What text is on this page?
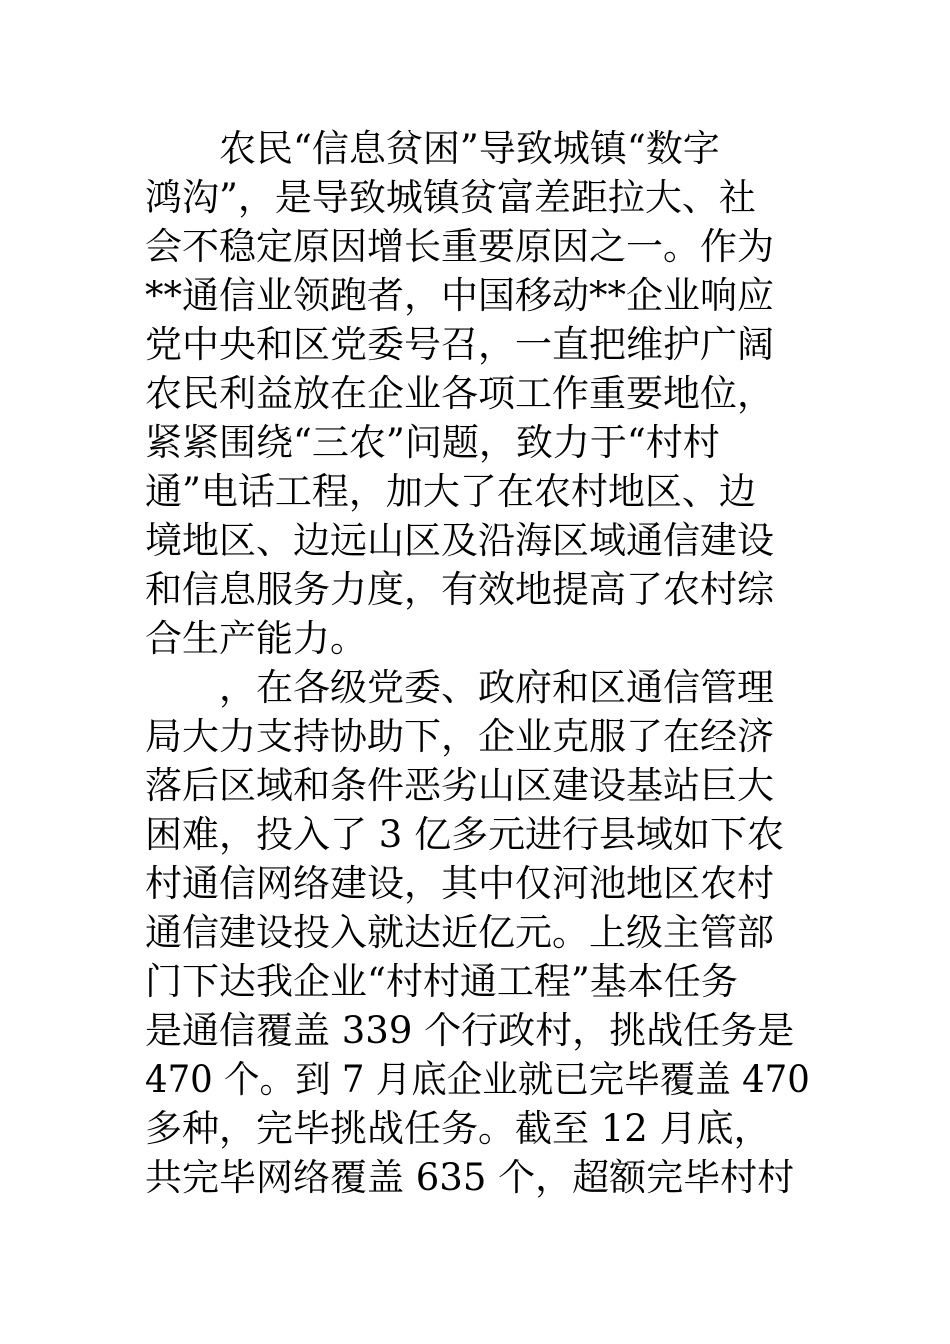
　　农民“信息贫困”导致城镇“数字

鸿沟”，是导致城镇贫富差距拉大、社

会不稳定原因增长重要原因之一。作为

**通信业领跑者，中国移动**企业响应

党中央和区党委号召，一直把维护广阔

农民利益放在企业各项工作重要地位，

紧紧围绕“三农”问题，致力于“村村

通”电话工程，加大了在农村地区、边

境地区、边远山区及沿海区域通信建设

和信息服务力度，有效地提高了农村综

合生产能力。

　　，在各级党委、政府和区通信管理

局大力支持协助下，企业克服了在经济

落后区域和条件恶劣山区建设基站巨大

困难，投入了 3 亿多元进行县域如下农

村通信网络建设，其中仅河池地区农村

通信建设投入就达近亿元。上级主管部

门下达我企业“村村通工程”基本任务

是通信覆盖 339 个行政村，挑战任务是

470 个。到 7 月底企业就已完毕覆盖 470

多种，完毕挑战任务。截至 12 月底，

共完毕网络覆盖 635 个，超额完毕村村
